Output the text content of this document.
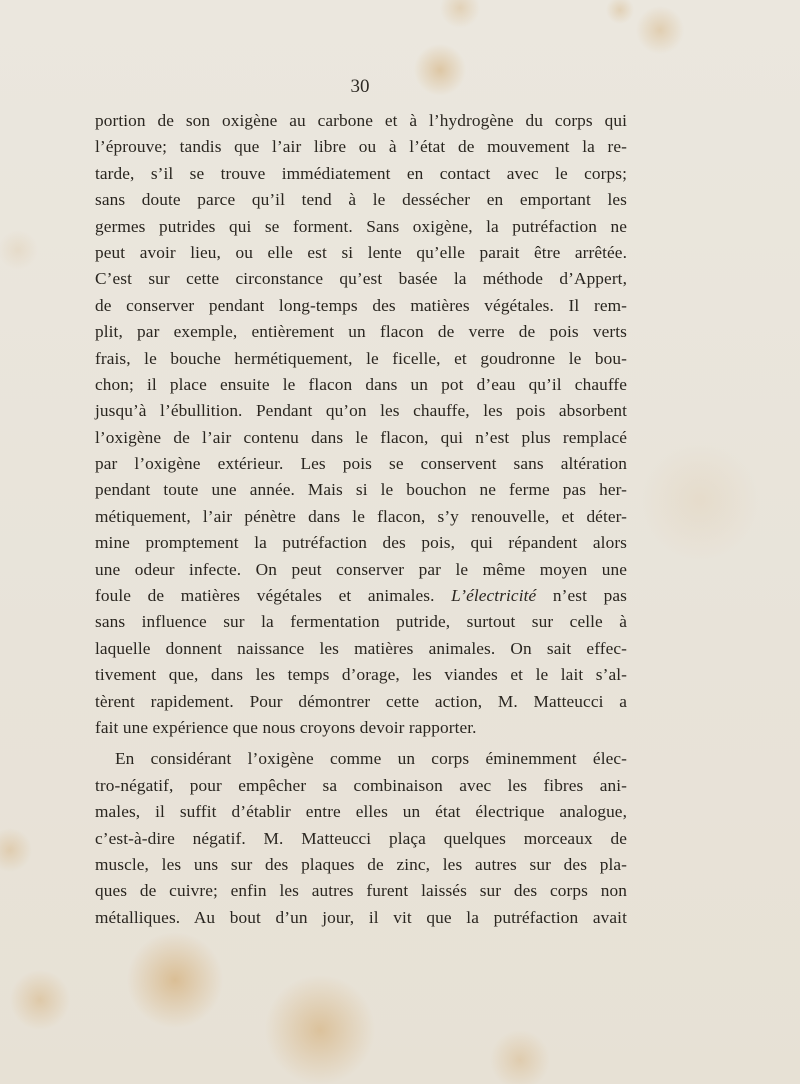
30
portion de son oxigène au carbone et à l’hydrogène du corps qui
l’éprouve; tandis que l’air libre ou à l’état de mouvement la re-
tarde, s’il se trouve immédiatement en contact avec le corps;
sans doute parce qu’il tend à le dessécher en emportant les
germes putrides qui se forment. Sans oxigène, la putréfaction ne
peut avoir lieu, ou elle est si lente qu’elle parait être arrêtée.
C’est sur cette circonstance qu’est basée la méthode d’Appert,
de conserver pendant long-temps des matières végétales. Il rem-
plit, par exemple, entièrement un flacon de verre de pois verts
frais, le bouche hermétiquement, le ficelle, et goudronne le bou-
chon; il place ensuite le flacon dans un pot d’eau qu’il chauffe
jusqu’à l’ébullition. Pendant qu’on les chauffe, les pois absorbent
l’oxigène de l’air contenu dans le flacon, qui n’est plus remplacé
par l’oxigène extérieur. Les pois se conservent sans altération
pendant toute une année. Mais si le bouchon ne ferme pas her-
métiquement, l’air pénètre dans le flacon, s’y renouvelle, et déter-
mine promptement la putréfaction des pois, qui répandent alors
une odeur infecte. On peut conserver par le même moyen une
foule de matières végétales et animales. L’électricité n’est pas
sans influence sur la fermentation putride, surtout sur celle à
laquelle donnent naissance les matières animales. On sait effec-
tivement que, dans les temps d’orage, les viandes et le lait s’al-
tèrent rapidement. Pour démontrer cette action, M. Matteucci a
fait une expérience que nous croyons devoir rapporter.
En considérant l’oxigène comme un corps éminemment élec-
tro-négatif, pour empêcher sa combinaison avec les fibres ani-
males, il suffit d’établir entre elles un état électrique analogue,
c’est-à-dire négatif. M. Matteucci plaça quelques morceaux de
muscle, les uns sur des plaques de zinc, les autres sur des pla-
ques de cuivre; enfin les autres furent laissés sur des corps non
métalliques. Au bout d’un jour, il vit que la putréfaction avait
